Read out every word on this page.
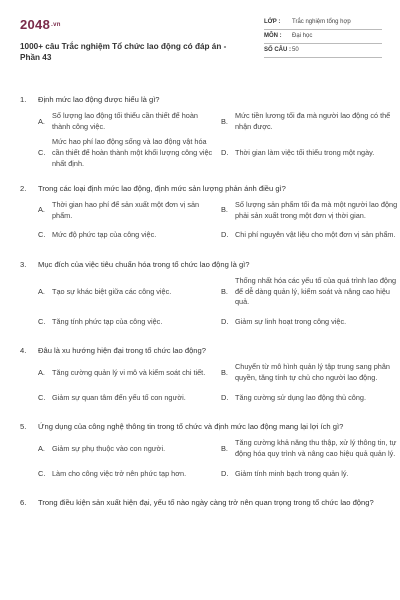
2048.vn
1000+ câu Trắc nghiệm Tổ chức lao động có đáp án - Phần 43
LỚP :	Trắc nghiệm tổng hợp
MÔN :	Đại học
SỐ CÂU : 50
1.	Định mức lao động được hiểu là gì?
A.
Số lượng lao động tối thiểu cần thiết để hoàn thành công việc.
B.
Mức tiền lương tối đa mà người lao động có thể nhận được.
C.
Mức hao phí lao động sống và lao động vật hóa cần thiết để hoàn thành một khối lượng công việc nhất định.
D. Thời gian làm việc tối thiểu trong một ngày.
2.	Trong các loại định mức lao động, định mức sản lượng phản ánh điều gì?
A.
Thời gian hao phí để sản xuất một đơn vị sản phẩm.
B.
Số lượng sản phẩm tối đa mà một người lao động phải sản xuất trong một đơn vị thời gian.
C. Mức độ phức tạp của công việc.	D. Chi phí nguyên vật liệu cho một đơn vị sản phẩm.
3.	Mục đích của việc tiêu chuẩn hóa trong tổ chức lao động là gì?
A. Tạo sự khác biệt giữa các công việc.	B.
Thống nhất hóa các yếu tố của quá trình lao động để dễ dàng quản lý, kiểm soát và nâng cao hiệu quả.
C. Tăng tính phức tạp của công việc.	D. Giảm sự linh hoạt trong công việc.
4.	Đâu là xu hướng hiện đại trong tổ chức lao động?
A. Tăng cường quản lý vi mô và kiểm soát chi tiết. B.
Chuyển từ mô hình quản lý tập trung sang phân quyền, tăng tính tự chủ cho người lao động.
C. Giảm sự quan tâm đến yếu tố con người.	D. Tăng cường sử dụng lao động thủ công.
5.	Ứng dụng của công nghệ thông tin trong tổ chức và định mức lao động mang lại lợi ích gì?
A. Giảm sự phụ thuộc vào con người.	B.
Tăng cường khả năng thu thập, xử lý thông tin, tự động hóa quy trình và nâng cao hiệu quả quản lý.
C. Làm cho công việc trở nên phức tạp hơn.	D. Giảm tính minh bạch trong quản lý.
6.	Trong điều kiện sản xuất hiện đại, yếu tố nào ngày càng trở nên quan trọng trong tổ chức lao động?
